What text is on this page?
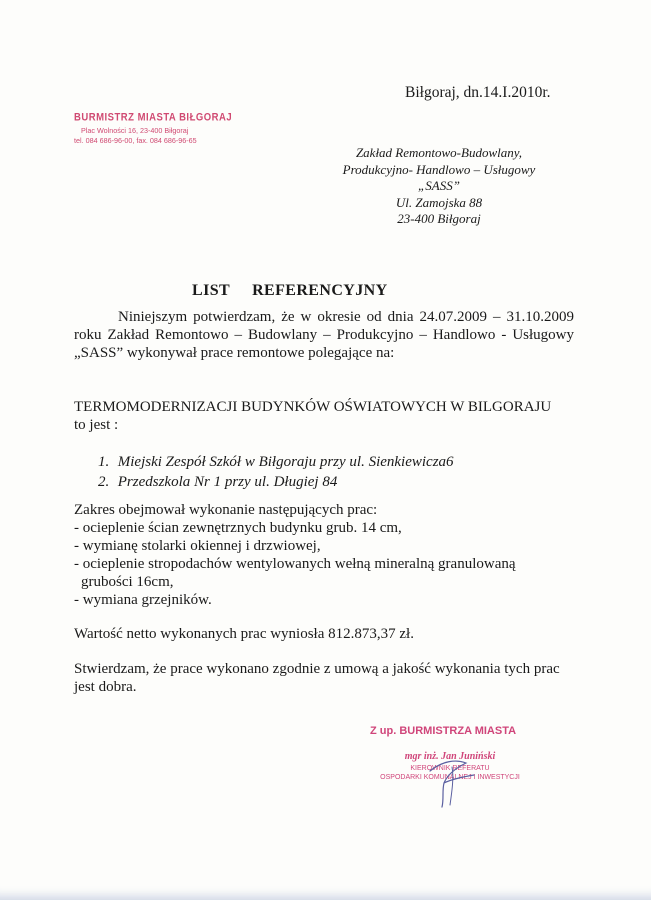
Biłgoraj, dn.14.I.2010r.
BURMISTRZ MIASTA BIŁGORAJ
Plac Wolności 16, 23-400 Biłgoraj
tel. 084 686-96-00, fax. 084 686-96-65
Zakład Remontowo-Budowlany,
Produkcyjno- Handlowo – Usługowy
„SASS”
Ul. Zamojska 88
23-400 Biłgoraj
LIST REFERENCYJNY
Niniejszym potwierdzam, że w okresie od dnia 24.07.2009 – 31.10.2009 roku Zakład Remontowo – Budowlany – Produkcyjno – Handlowo - Usługowy „SASS” wykonywał prace remontowe polegające na:
TERMOMODERNIZACJI BUDYNKÓW OŚWIATOWYCH W BILGORAJU
to jest :
1. Miejski Zespół Szkół w Biłgoraju przy ul. Sienkiewicza6
2. Przedszkola Nr 1 przy ul. Długiej 84
Zakres obejmował wykonanie następujących prac:
- ocieplenie ścian zewnętrznych budynku grub. 14 cm,
- wymianę stolarki okiennej i drzwiowej,
- ocieplenie stropodachów wentylowanych wełną mineralną granulowaną
grubości 16cm,
- wymiana grzejników.
Wartość netto wykonanych prac wyniosła 812.873,37 zł.
Stwierdzam, że prace wykonano zgodnie z umową a jakość wykonania tych prac jest dobra.
Z up. BURMISTRZA MIASTA
mgr inż. Jan Juniński
KIEROWNIK REFERATU
OSPODARKI KOMUNALNEJ I INWESTYCJI
